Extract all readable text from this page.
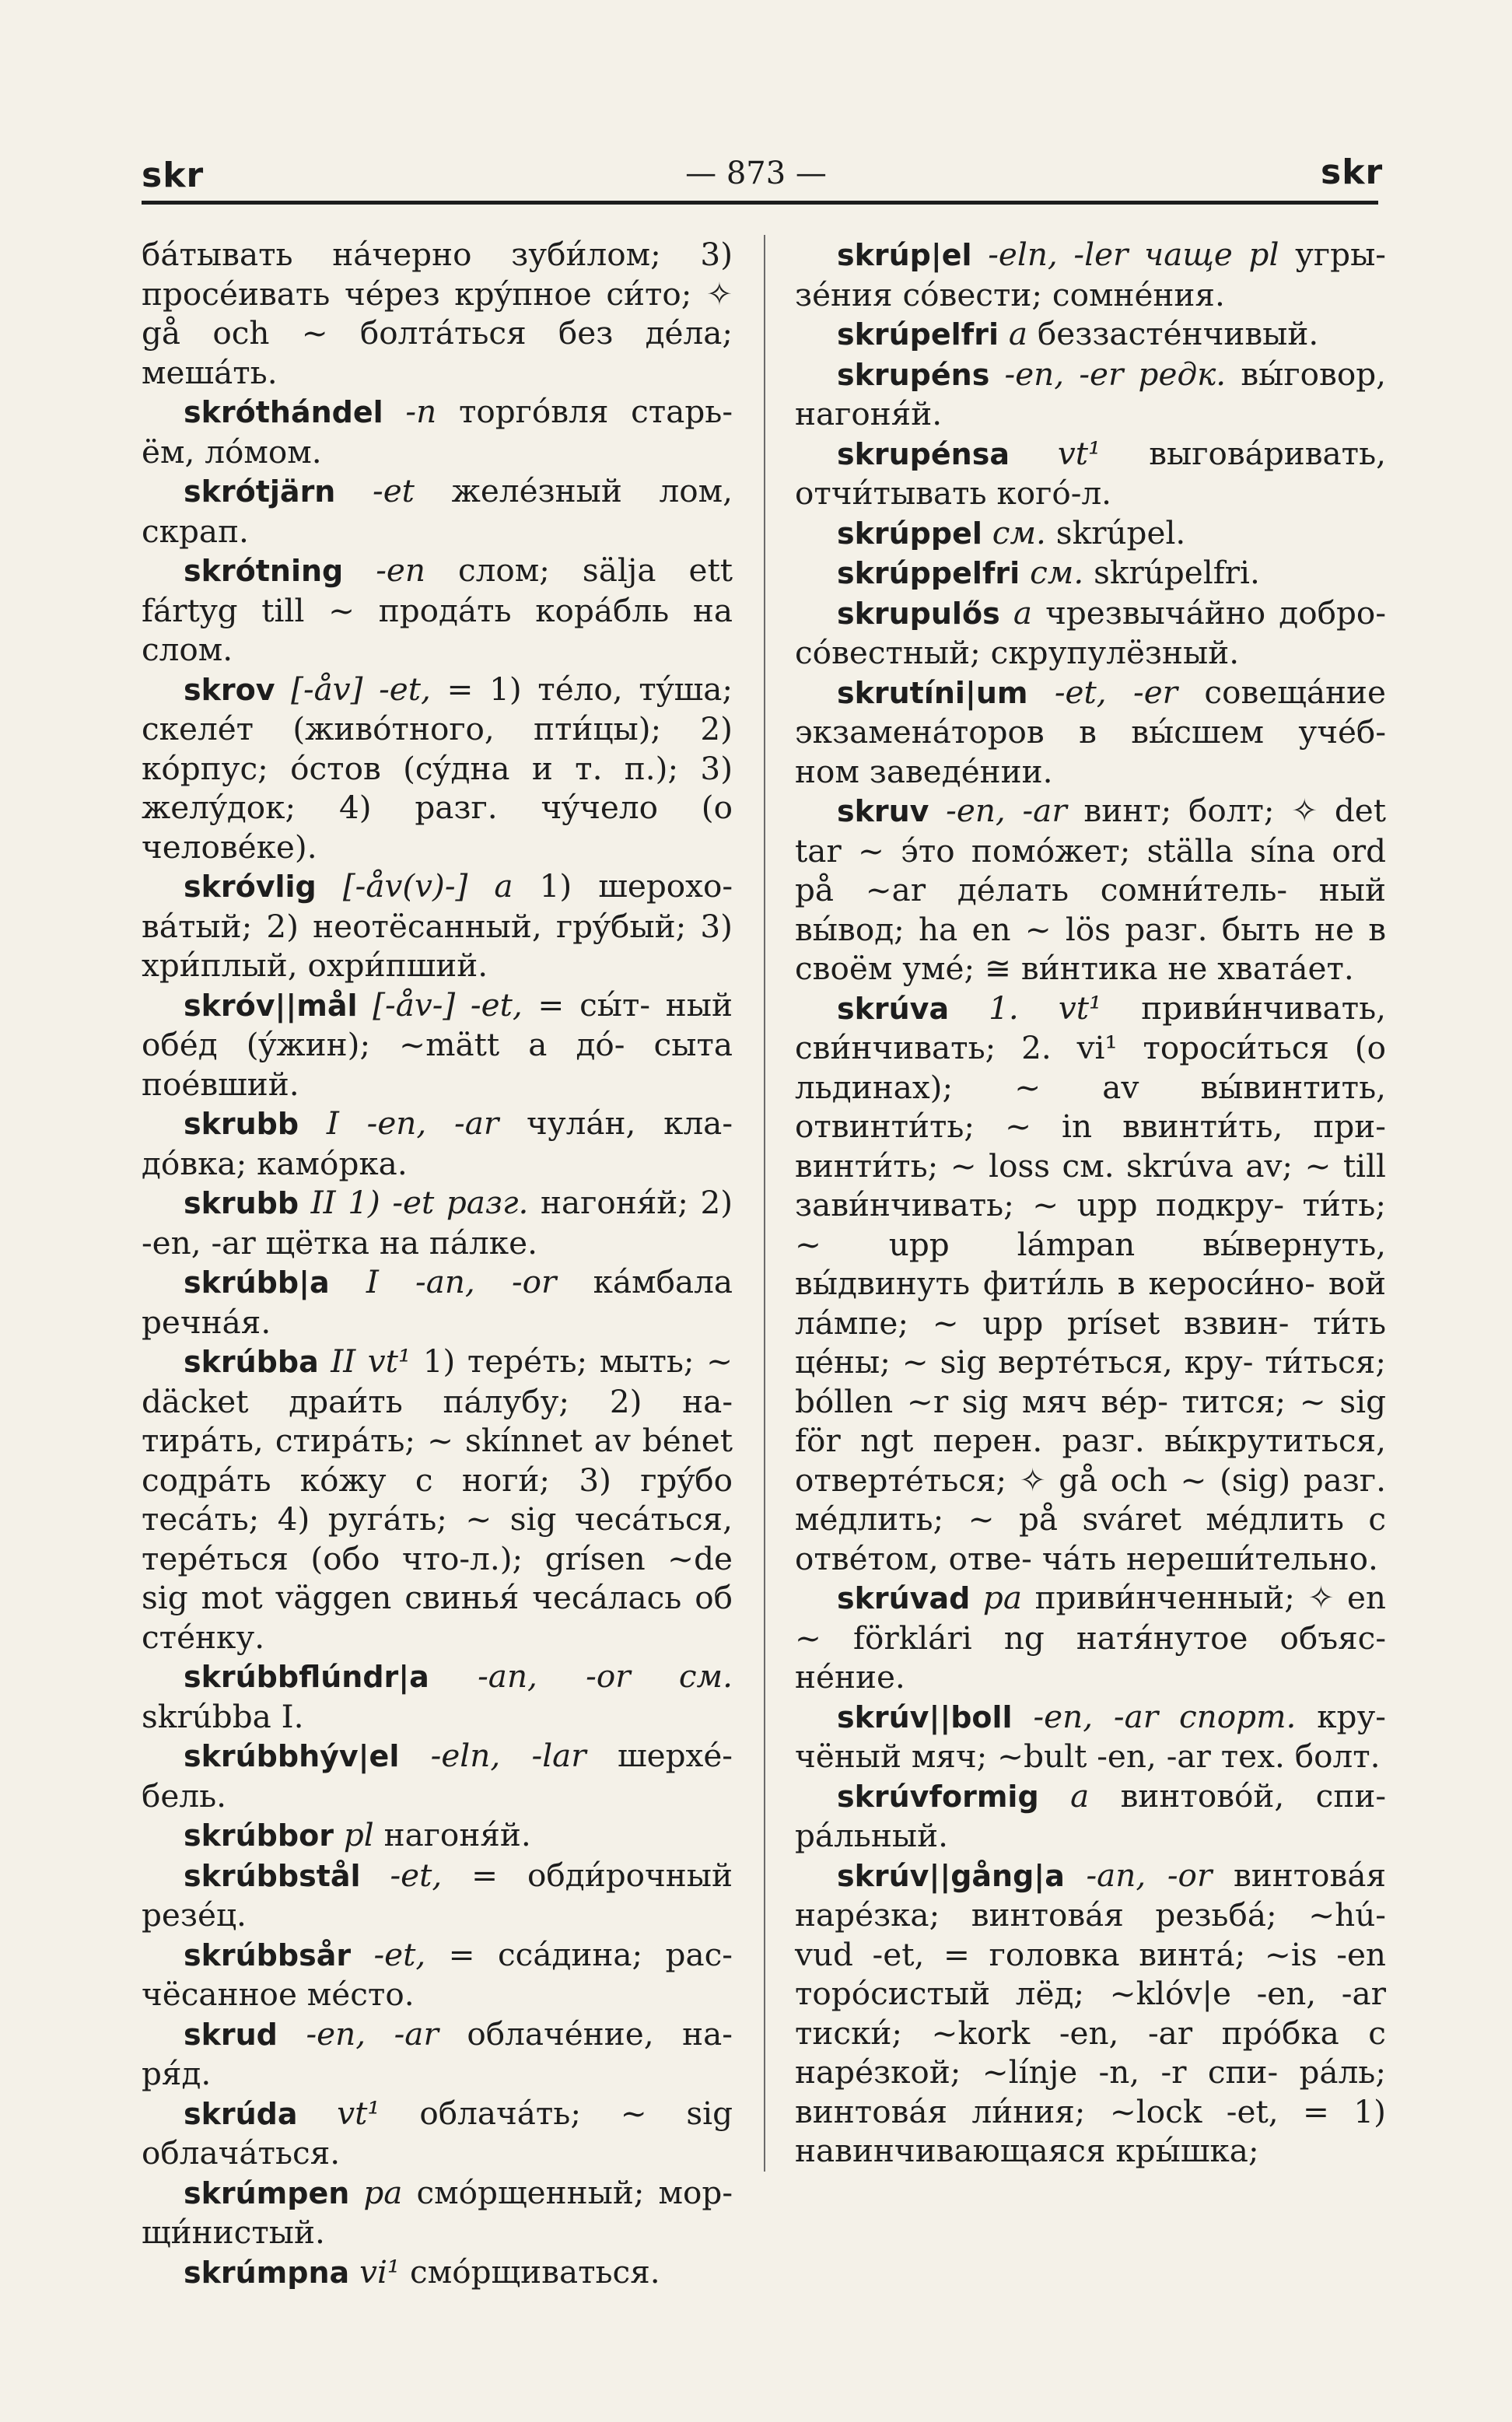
skr	— 873 —	skr

бáтывать нáчерно зуби́лом; 3) просéивать чéрез крýпное си́то; ✧ gå och ~ болтáться без дéла; мешáть.

skróthándel -n торгóвля старь- ём, лóмом.

skrótjärn -et желéзный лом, скрап.

skrótning -en слом; sälja ett fártyg till ~ продáть корáбль на слом.

skrov [-åv] -et, = 1) тéло, тýша; скелéт (живóтного, пти́цы); 2) кóрпус; óстов (сýдна и т. п.); 3) желýдок; 4) разг. чýчело (о человéке).

skróvlig [-åv(v)-] a 1) шерохо- вáтый; 2) неотёсанный, грýбый; 3) хри́плый, охри́пший.

skróv||mål [-åv-] -et, = сы́т- ный обéд (ýжин); ~mätt a дó- сыта поéвший.

skrubb I -en, -ar чулáн, кла- дóвка; камóрка.

skrubb II 1) -et разг. нагоня́й; 2) -en, -ar щётка на пáлке.

skrúbb|a I -an, -or кáмбала речнáя.

skrúbba II vt¹ 1) терéть; мыть; ~ däcket драи́ть пáлубу; 2) на- тирáть, стирáть; ~ skínnet av bénet содрáть кóжу с ноги́; 3) грýбо тесáть; 4) ругáть; ~ sig чесáться, терéться (обо что-л.); grísen ~de sig mot väggen свинья́ чесáлась об стéнку.

skrúbbflúndr|a -an, -or см. skrúbba I.

skrúbbhýv|el -eln, -lar шерхé- бель.

skrúbbor pl нагоня́й.

skrúbbstål -et, = обди́рочный резéц.

skrúbbsår -et, = ссáдина; рас- чёсанное мéсто.

skrud -en, -ar облачéние, на- ря́д.

skrúda vt¹ облачáть; ~ sig облачáться.

skrúmpen pa смóрщенный; мор- щи́нистый.

skrúmpna vi¹ смóрщиваться.

skrúp|el -eln, -ler чаще pl угры- зéния сóвести; сомнéния.

skrúpelfri a беззастéнчивый.

skrupéns -en, -er редк. вы́говор, нагоня́й.

skrupénsa vt¹ выговáривать, отчи́тывать когó-л.

skrúppel см. skrúpel.

skrúppelfri см. skrúpelfri.

skrupulős a чрезвычáйно добро- сóвестный; скрупулёзный.

skrutíni|um -et, -er совещáние экзаменáторов в вы́сшем учéб- ном заведéнии.

skruv -en, -ar винт; болт; ✧ det tar ~ э́то помóжет; ställa sína ord på ~ar дéлать сомни́тель- ный вы́вод; ha en ~ lös разг. быть не в своём умé; ≅ ви́нтика не хватáет.

skrúva 1. vt¹ приви́нчивать, сви́нчивать; 2. vi¹ тороси́ться (о льдинах); ~ av вы́винтить, отвинти́ть; ~ in ввинти́ть, при- винти́ть; ~ loss см. skrúva av; ~ till зави́нчивать; ~ upp подкру- ти́ть; ~ upp lámpan вы́вернуть, вы́двинуть фити́ль в кероси́но- вой лáмпе; ~ upp príset взвин- ти́ть цéны; ~ sig вертéться, кру- ти́ться; bóllen ~r sig мяч вéр- тится; ~ sig för ngt перен. разг. вы́крутиться, отвертéться; ✧ gå och ~ (sig) разг. мéдлить; ~ på sváret мéдлить с отвéтом, отве- чáть нереши́тельно.

skrúvad pa приви́нченный; ✧ en ~ förklári ng натя́нутое объяс- нéние.

skrúv||boll -en, -ar спорт. кру- чёный мяч; ~bult -en, -ar тех. болт.

skrúvformig a винтовóй, спи- рáльный.

skrúv||gång|a -an, -or винтовáя нарéзка; винтовáя резьбá; ~hú- vud -et, = головка винтá; ~is -en торóсистый лёд; ~klóv|e -en, -ar тиски́; ~kork -en, -ar прóбка с нарéзкой; ~línje -n, -r спи- рáль; винтовáя ли́ния; ~lock -et, = 1) навинчивающаяся кры́шка;
